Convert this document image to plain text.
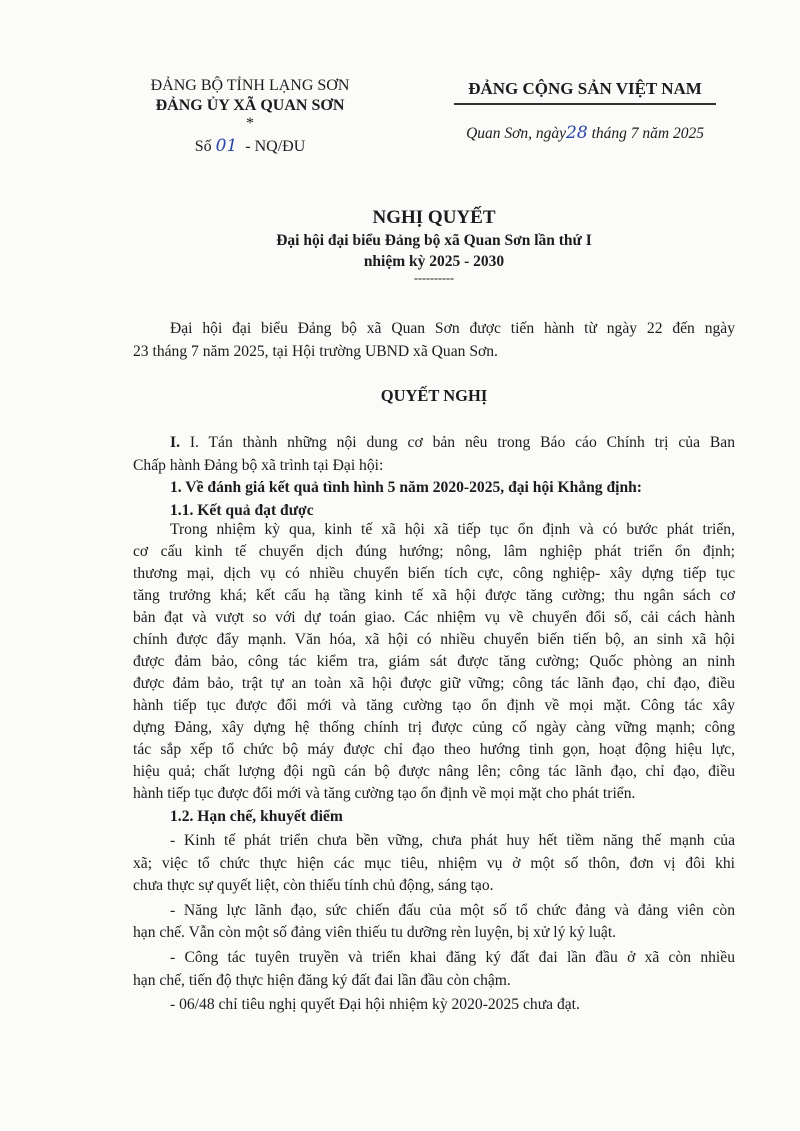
ĐẢNG BỘ TỈNH LẠNG SƠN
ĐẢNG ỦY XÃ QUAN SƠN
*
Số 01 - NQ/ĐU
ĐẢNG CỘNG SẢN VIỆT NAM
Quan Sơn, ngày28 tháng 7 năm 2025
NGHỊ QUYẾT
Đại hội đại biểu Đảng bộ xã Quan Sơn lần thứ I
nhiệm kỳ 2025 - 2030
----------
Đại hội đại biểu Đảng bộ xã Quan Sơn được tiến hành từ ngày 22 đến ngày
23 tháng 7 năm 2025, tại Hội trường UBND xã Quan Sơn.
QUYẾT NGHỊ
I. I. Tán thành những nội dung cơ bản nêu trong Báo cáo Chính trị của Ban
Chấp hành Đảng bộ xã trình tại Đại hội:
1. Về đánh giá kết quả tình hình 5 năm 2020-2025, đại hội Khẳng định:
1.1. Kết quả đạt được
Trong nhiệm kỳ qua, kinh tế xã hội xã tiếp tục ổn định và có bước phát triển,
cơ cấu kinh tế chuyển dịch đúng hướng; nông, lâm nghiệp phát triển ổn định;
thương mại, dịch vụ có nhiều chuyển biến tích cực, công nghiệp- xây dựng tiếp tục
tăng trưởng khá; kết cấu hạ tầng kinh tế xã hội được tăng cường; thu ngân sách cơ
bản đạt và vượt so với dự toán giao. Các nhiệm vụ về chuyển đổi số, cải cách hành
chính được đẩy mạnh. Văn hóa, xã hội có nhiều chuyển biến tiến bộ, an sinh xã hội
được đảm bảo, công tác kiểm tra, giám sát được tăng cường; Quốc phòng an ninh
được đảm bảo, trật tự an toàn xã hội được giữ vững; công tác lãnh đạo, chỉ đạo, điều
hành tiếp tục được đổi mới và tăng cường tạo ổn định về mọi mặt. Công tác xây
dựng Đảng, xây dựng hệ thống chính trị được củng cố ngày càng vững mạnh; công
tác sắp xếp tổ chức bộ máy được chỉ đạo theo hướng tinh gọn, hoạt động hiệu lực,
hiệu quả; chất lượng đội ngũ cán bộ được nâng lên; công tác lãnh đạo, chỉ đạo, điều
hành tiếp tục được đổi mới và tăng cường tạo ổn định về mọi mặt cho phát triển.
1.2. Hạn chế, khuyết điểm
- Kinh tế phát triển chưa bền vững, chưa phát huy hết tiềm năng thế mạnh của
xã; việc tổ chức thực hiện các mục tiêu, nhiệm vụ ở một số thôn, đơn vị đôi khi
chưa thực sự quyết liệt, còn thiếu tính chủ động, sáng tạo.
- Năng lực lãnh đạo, sức chiến đấu của một số tổ chức đảng và đảng viên còn
hạn chế. Vẫn còn một số đảng viên thiếu tu dưỡng rèn luyện, bị xử lý kỷ luật.
- Công tác tuyên truyền và triển khai đăng ký đất đai lần đầu ở xã còn nhiều
hạn chế, tiến độ thực hiện đăng ký đất đai lần đầu còn chậm.
- 06/48 chỉ tiêu nghị quyết Đại hội nhiệm kỳ 2020-2025 chưa đạt.
